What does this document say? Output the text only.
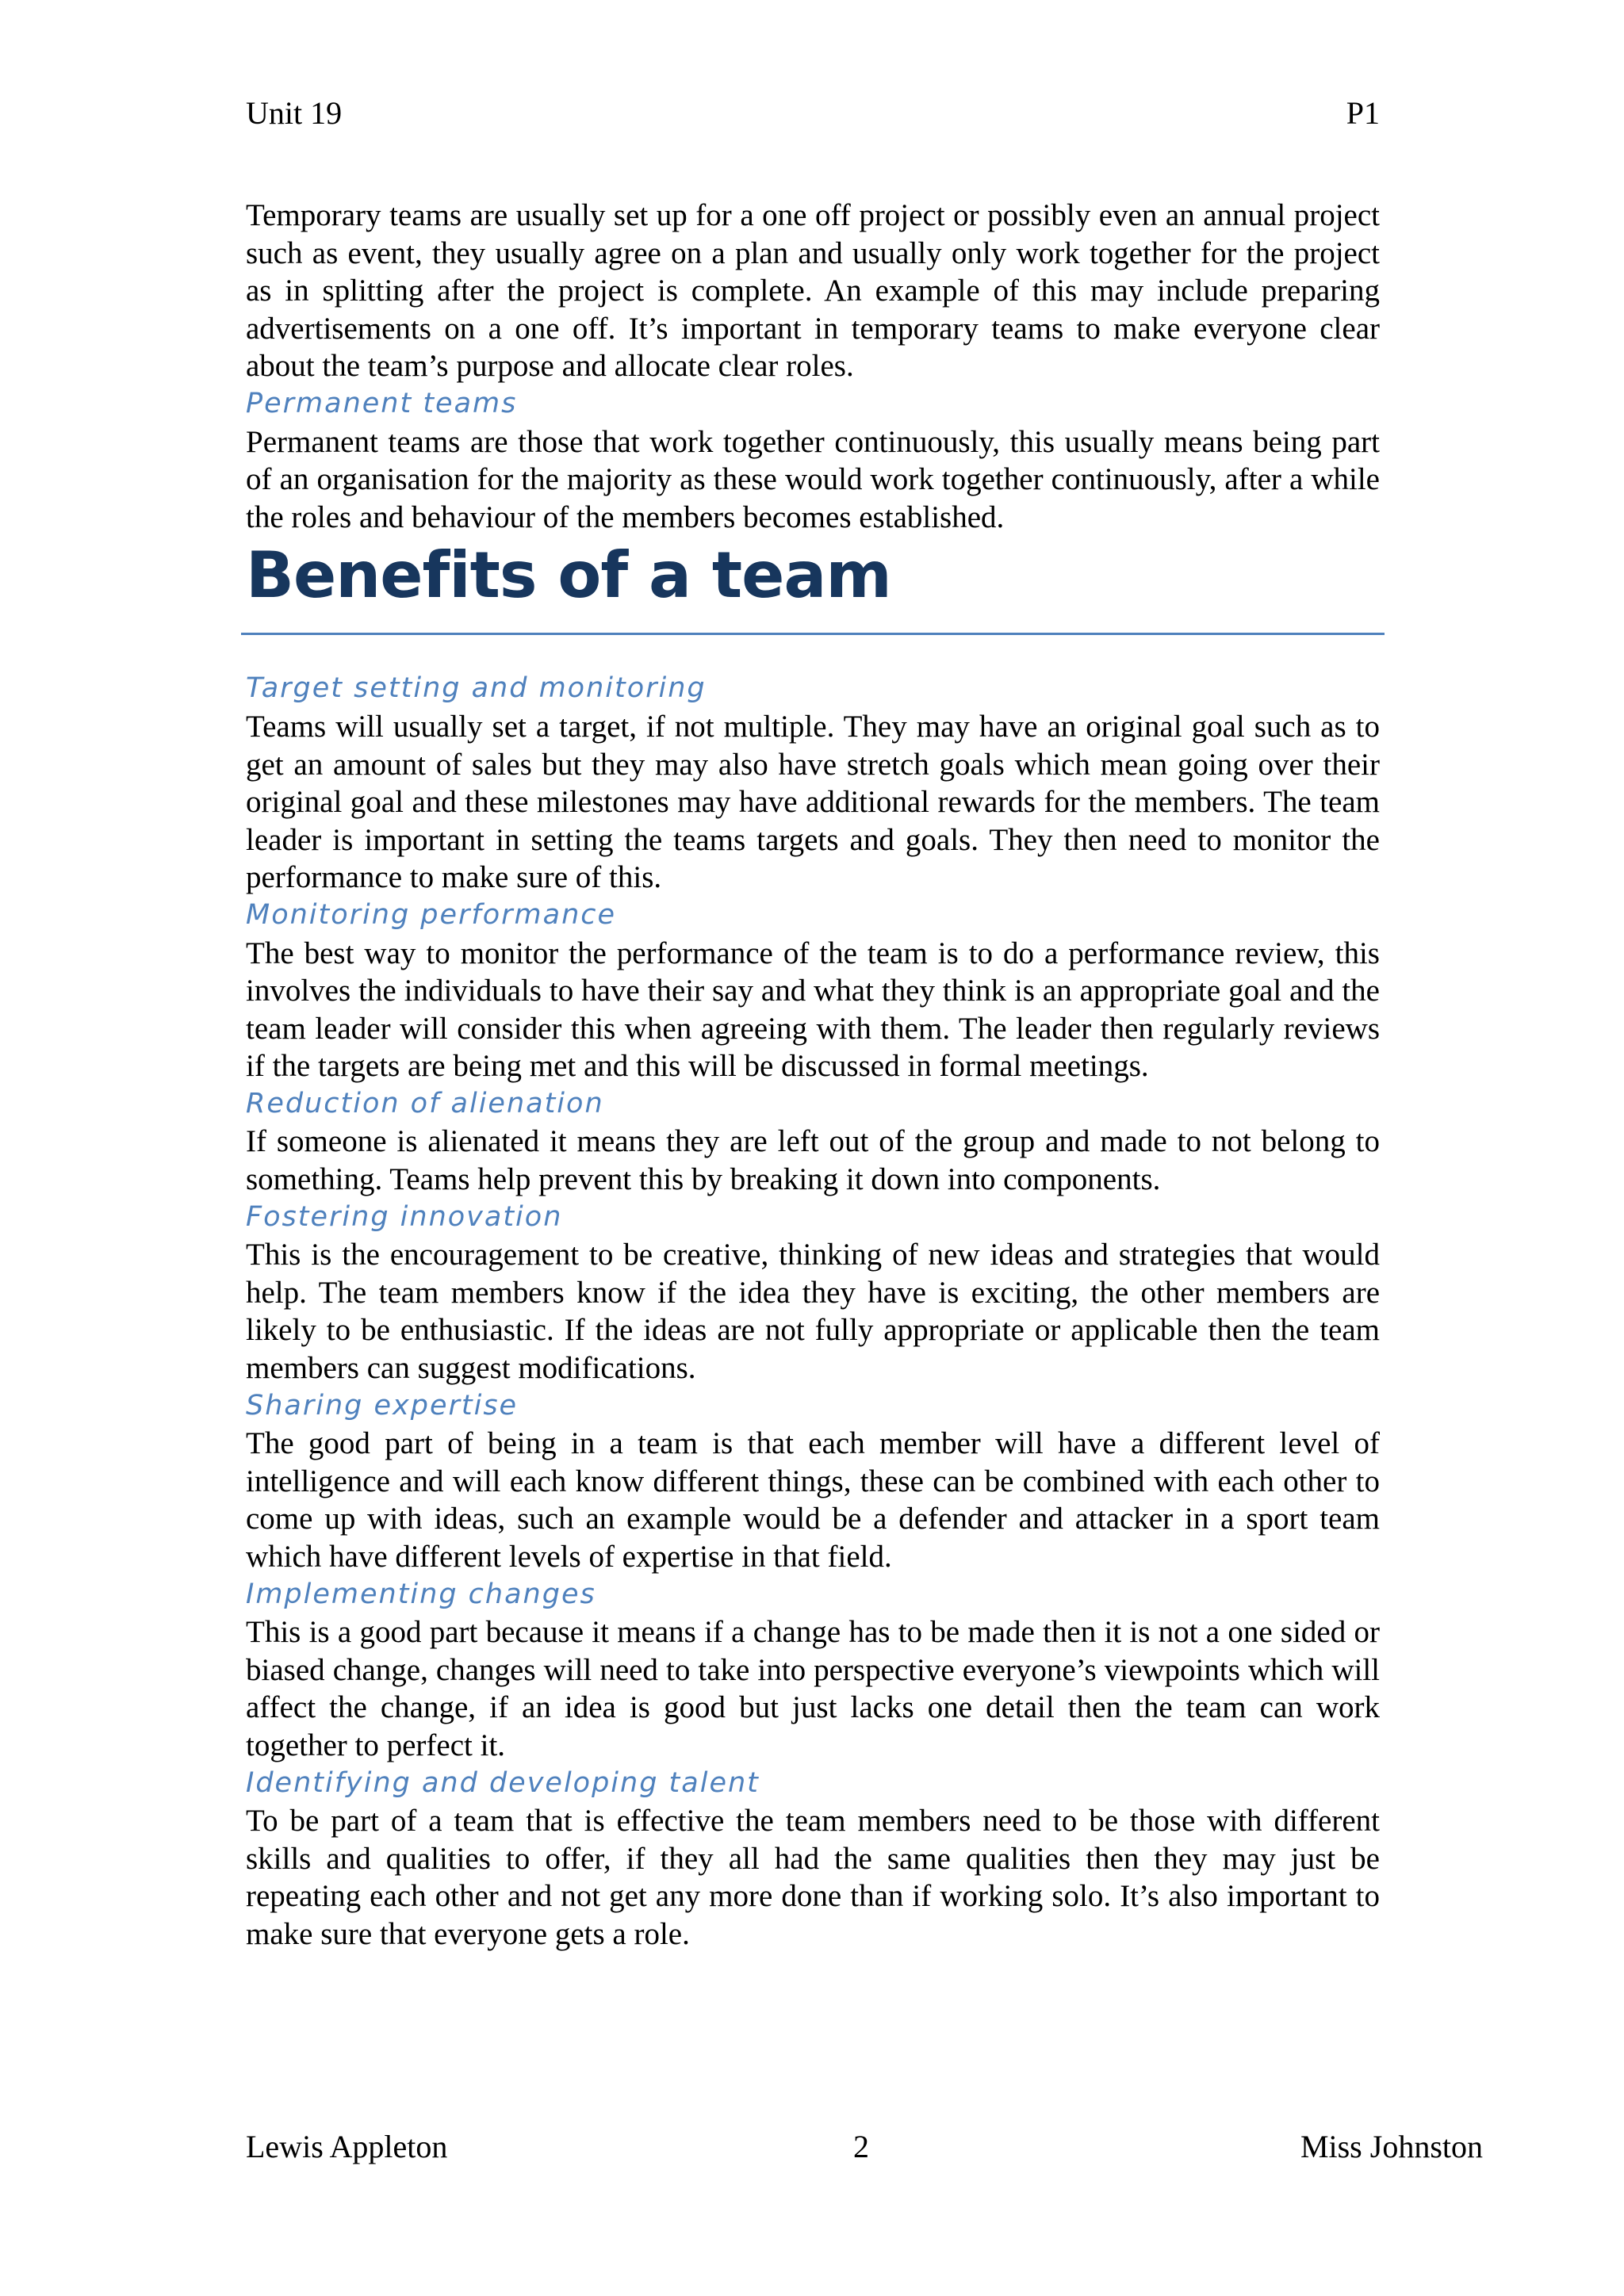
Unit 19	P1

Temporary teams are usually set up for a one off project or possibly even an annual project such as event, they usually agree on a plan and usually only work together for the project as in splitting after the project is complete. An example of this may include preparing advertisements on a one off. It’s important in temporary teams to make everyone clear about the team’s purpose and allocate clear roles.

Permanent teams

Permanent teams are those that work together continuously, this usually means being part of an organisation for the majority as these would work together continuously, after a while the roles and behaviour of the members becomes established.

Benefits of a team

Target setting and monitoring

Teams will usually set a target, if not multiple. They may have an original goal such as to get an amount of sales but they may also have stretch goals which mean going over their original goal and these milestones may have additional rewards for the members. The team leader is important in setting the teams targets and goals. They then need to monitor the performance to make sure of this.

Monitoring performance

The best way to monitor the performance of the team is to do a performance review, this involves the individuals to have their say and what they think is an appropriate goal and the team leader will consider this when agreeing with them. The leader then regularly reviews if the targets are being met and this will be discussed in formal meetings.

Reduction of alienation

If someone is alienated it means they are left out of the group and made to not belong to something. Teams help prevent this by breaking it down into components.

Fostering innovation

This is the encouragement to be creative, thinking of new ideas and strategies that would help. The team members know if the idea they have is exciting, the other members are likely to be enthusiastic. If the ideas are not fully appropriate or applicable then the team members can suggest modifications.

Sharing expertise

The good part of being in a team is that each member will have a different level of intelligence and will each know different things, these can be combined with each other to come up with ideas, such an example would be a defender and attacker in a sport team which have different levels of expertise in that field.

Implementing changes

This is a good part because it means if a change has to be made then it is not a one sided or biased change, changes will need to take into perspective everyone’s viewpoints which will affect the change, if an idea is good but just lacks one detail then the team can work together to perfect it.

Identifying and developing talent

To be part of a team that is effective the team members need to be those with different skills and qualities to offer, if they all had the same qualities then they may just be repeating each other and not get any more done than if working solo. It’s also important to make sure that everyone gets a role.

Lewis Appleton	2	Miss Johnston
